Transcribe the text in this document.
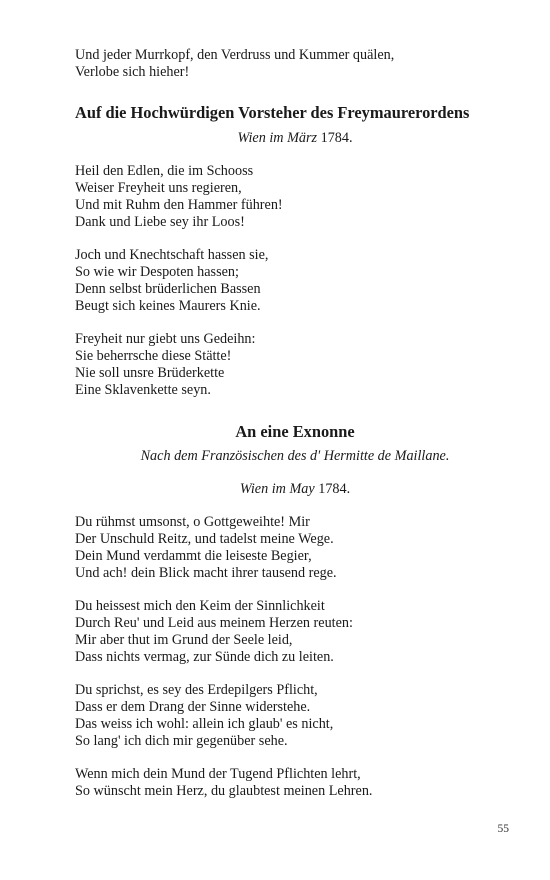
Und jeder Murrkopf, den Verdruss und Kummer quälen,
Verlobe sich hieher!
Auf die Hochwürdigen Vorsteher des Freymaurerordens
Wien im März 1784.
Heil den Edlen, die im Schooss
Weiser Freyheit uns regieren,
Und mit Ruhm den Hammer führen!
Dank und Liebe sey ihr Loos!
Joch und Knechtschaft hassen sie,
So wie wir Despoten hassen;
Denn selbst brüderlichen Bassen
Beugt sich keines Maurers Knie.
Freyheit nur giebt uns Gedeihn:
Sie beherrsche diese Stätte!
Nie soll unsre Brüderkette
Eine Sklavenkette seyn.
An eine Exnonne
Nach dem Französischen des d' Hermitte de Maillane.
Wien im May 1784.
Du rühmst umsonst, o Gottgeweihte! Mir
Der Unschuld Reitz, und tadelst meine Wege.
Dein Mund verdammt die leiseste Begier,
Und ach! dein Blick macht ihrer tausend rege.
Du heissest mich den Keim der Sinnlichkeit
Durch Reu' und Leid aus meinem Herzen reuten:
Mir aber thut im Grund der Seele leid,
Dass nichts vermag, zur Sünde dich zu leiten.
Du sprichst, es sey des Erdepilgers Pflicht,
Dass er dem Drang der Sinne widerstehe.
Das weiss ich wohl: allein ich glaub' es nicht,
So lang' ich dich mir gegenüber sehe.
Wenn mich dein Mund der Tugend Pflichten lehrt,
So wünscht mein Herz, du glaubtest meinen Lehren.
55
